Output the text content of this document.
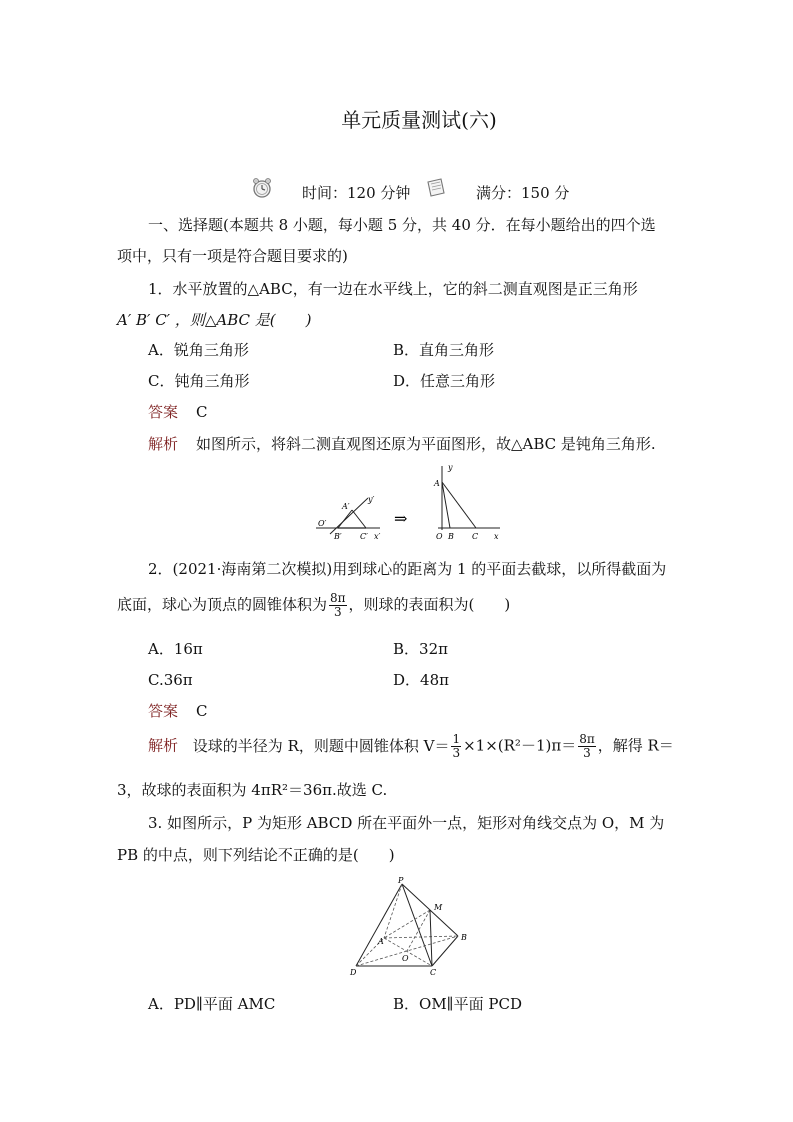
单元质量测试(六)
时间：120 分钟	满分：150 分
一、选择题(本题共 8 小题，每小题 5 分，共 40 分．在每小题给出的四个选
项中，只有一项是符合题目要求的)
1．水平放置的△ABC，有一边在水平线上，它的斜二测直观图是正三角形
A′ B′ C′ ，则△ABC 是(　　)
A．锐角三角形	B．直角三角形
C．钝角三角形	D．任意三角形
答案 C
解析 如图所示，将斜二测直观图还原为平面图形，故△ABC 是钝角三角形.
A′
y′
O′
B′ C′ x′
⇒
y
A
O B C x
2．(2021·海南第二次模拟)用到球心的距离为 1 的平面去截球，以所得截面为
底面，球心为顶点的圆锥体积为 $\frac{8\pi}{3}$ ，则球的表面积为(　　)
A．16π	B．32π
C.36π	D．48π
答案 C
解析 设球的半径为 R，则题中圆锥体积 $V= \frac{1}{3} \times 1\times(R^2-1)\pi= \frac{8\pi}{3}$ ，解得 R＝
3，故球的表面积为 4πR²＝36π.故选 C.
3. 如图所示，P 为矩形 ABCD 所在平面外一点，矩形对角线交点为 O，M 为
PB 的中点，则下列结论不正确的是(　　)
P
M
A	B
O
D	C
A．PD∥平面 AMC	B．OM∥平面 PCD
